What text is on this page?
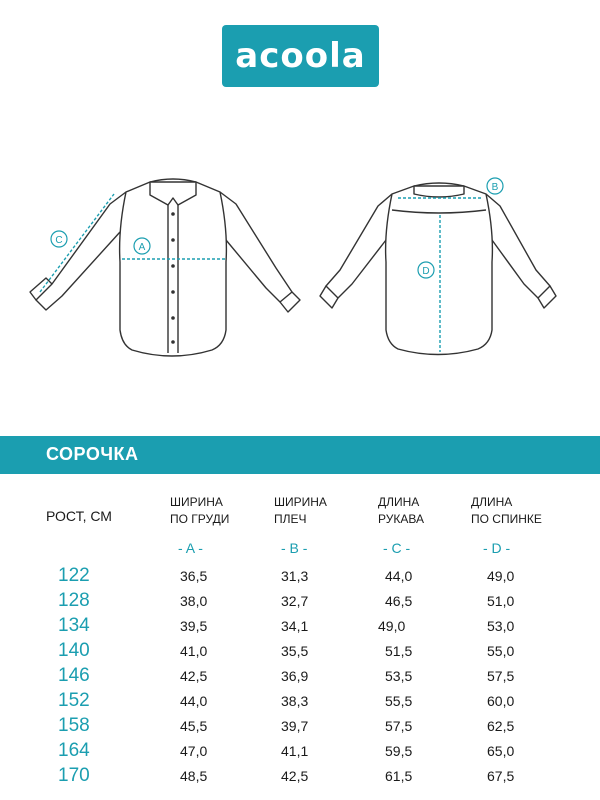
acoola
A
B
C
D
СОРОЧКА
РОСТ, СМ
ШИРИНА
ПО ГРУДИ
ШИРИНА
ПЛЕЧ
ДЛИНА
РУКАВА
ДЛИНА
ПО СПИНКЕ
- A -	- B -	- C -	- D -
122	36,5	31,3	44,0	49,0
128	38,0	32,7	46,5	51,0
134	39,5	34,1	49,0	53,0
140	41,0	35,5	51,5	55,0
146	42,5	36,9	53,5	57,5
152	44,0	38,3	55,5	60,0
158	45,5	39,7	57,5	62,5
164	47,0	41,1	59,5	65,0
170	48,5	42,5	61,5	67,5
